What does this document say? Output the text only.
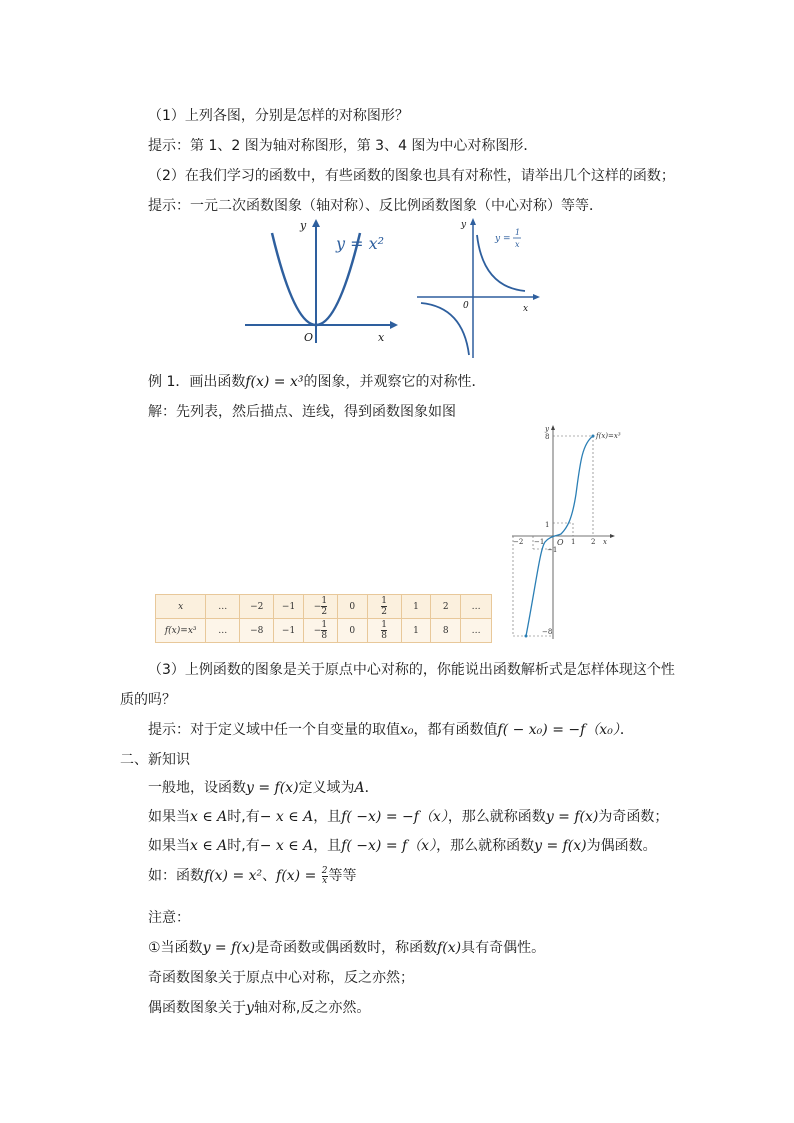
（1）上列各图，分别是怎样的对称图形？
提示：第 1、2 图为轴对称图形，第 3、4 图为中心对称图形．
（2）在我们学习的函数中，有些函数的图象也具有对称性，请举出几个这样的函数；
提示：一元二次函数图象（轴对称）、反比例函数图象（中心对称）等等．
y = x²
x
y
O
y =
1
x
x
y
0
例 1．画出函数f(x) = x³的图象，并观察它的对称性．
解：先列表，然后描点、连线，得到函数图象如图
f(x)=x³
y
8
1
−1
−8
O
−2 −1	1 2 x
x	…	−2	−1	− $\frac{1}{2}$	0	$\frac{1}{2}$	1	2	…
f(x)=x³	…	−8	−1	− $\frac{1}{8}$	0	$\frac{1}{8}$	1	8	…
（3）上例函数的图象是关于原点中心对称的，你能说出函数解析式是怎样体现这个性
质的吗？
提示：对于定义域中任一个自变量的取值x₀，都有函数值f( − x₀) = −f（x₀）．
二、新知识
一般地，设函数y = f(x)定义域为A．
如果当x ∈ A时,有− x ∈ A，且f( −x) = −f（x），那么就称函数y = f(x)为奇函数；
如果当x ∈ A时,有− x ∈ A，且f( −x) = f（x），那么就称函数y = f(x)为偶函数。
如：函数f(x) = x²、$f(x) = \frac{2}{x}$ 等等
注意：
①当函数y = f(x)是奇函数或偶函数时，称函数f(x)具有奇偶性。
奇函数图象关于原点中心对称，反之亦然；
偶函数图象关于y轴对称,反之亦然。
